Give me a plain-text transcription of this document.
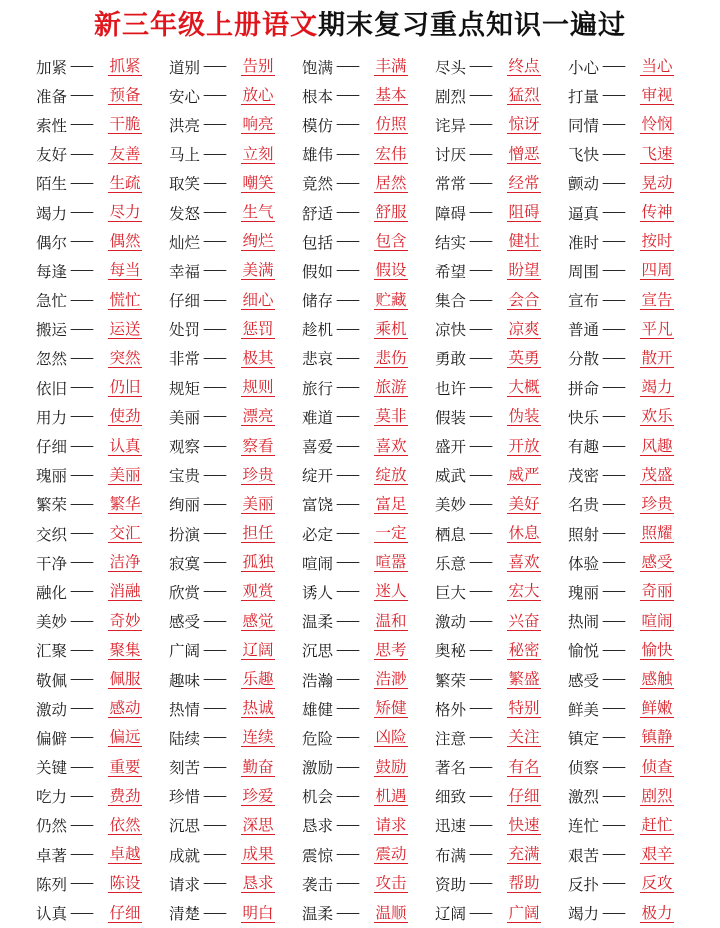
新三年级上册语文 期末复习重点知识一遍过
加紧 ——	抓紧 道别 ——	告别 饱满 ——	丰满 尽头 ——	终点 小心 ——	当心
准备 ——	预备 安心 ——	放心 根本 ——	基本 剧烈 ——	猛烈 打量 ——	审视
索性 ——	干脆 洪亮 ——	响亮 模仿 ——	仿照 诧异 ——	惊讶 同情 ——	怜悯
友好 ——	友善 马上 ——	立刻 雄伟 ——	宏伟 讨厌 ——	憎恶 飞快 ——	飞速
陌生 ——	生疏 取笑 ——	嘲笑 竟然 ——	居然 常常 ——	经常 颤动 ——	晃动
竭力 ——	尽力 发怒 ——	生气 舒适 ——	舒服 障碍 ——	阻碍 逼真 ——	传神
偶尔 ——	偶然 灿烂 ——	绚烂 包括 ——	包含 结实 ——	健壮 准时 ——	按时
每逢 ——	每当 幸福 ——	美满 假如 ——	假设 希望 ——	盼望 周围 ——	四周
急忙 ——	慌忙 仔细 ——	细心 储存 ——	贮藏 集合 ——	会合 宣布 ——	宣告
搬运 ——	运送 处罚 ——	惩罚 趁机 ——	乘机 凉快 ——	凉爽 普通 ——	平凡
忽然 ——	突然 非常 ——	极其 悲哀 ——	悲伤 勇敢 ——	英勇 分散 ——	散开
依旧 ——	仍旧 规矩 ——	规则 旅行 ——	旅游 也许 ——	大概 拼命 ——	竭力
用力 ——	使劲 美丽 ——	漂亮 难道 ——	莫非 假装 ——	伪装 快乐 ——	欢乐
仔细 ——	认真 观察 ——	察看 喜爱 ——	喜欢 盛开 ——	开放 有趣 ——	风趣
瑰丽 ——	美丽 宝贵 ——	珍贵 绽开 ——	绽放 威武 ——	威严 茂密 ——	茂盛
繁荣 ——	繁华 绚丽 ——	美丽 富饶 ——	富足 美妙 ——	美好 名贵 ——	珍贵
交织 ——	交汇 扮演 ——	担任 必定 ——	一定 栖息 ——	休息 照射 ——	照耀
干净 ——	洁净 寂寞 ——	孤独 喧闹 ——	喧嚣 乐意 ——	喜欢 体验 ——	感受
融化 ——	消融 欣赏 ——	观赏 诱人 ——	迷人 巨大 ——	宏大 瑰丽 ——	奇丽
美妙 ——	奇妙 感受 ——	感觉 温柔 ——	温和 激动 ——	兴奋 热闹 ——	喧闹
汇聚 ——	聚集 广阔 ——	辽阔 沉思 ——	思考 奥秘 ——	秘密 愉悦 ——	愉快
敬佩 ——	佩服 趣味 ——	乐趣 浩瀚 ——	浩渺 繁荣 ——	繁盛 感受 ——	感触
激动 ——	感动 热情 ——	热诚 雄健 ——	矫健 格外 ——	特别 鲜美 ——	鲜嫩
偏僻 ——	偏远 陆续 ——	连续 危险 ——	凶险 注意 ——	关注 镇定 ——	镇静
关键 ——	重要 刻苦 ——	勤奋 激励 ——	鼓励 著名 ——	有名 侦察 ——	侦查
吃力 ——	费劲 珍惜 ——	珍爱 机会 ——	机遇 细致 ——	仔细 激烈 ——	剧烈
仍然 ——	依然 沉思 ——	深思 恳求 ——	请求 迅速 ——	快速 连忙 ——	赶忙
卓著 ——	卓越 成就 ——	成果 震惊 ——	震动 布满 ——	充满 艰苦 ——	艰辛
陈列 ——	陈设 请求 ——	恳求 袭击 ——	攻击 资助 ——	帮助 反扑 ——	反攻
认真 ——	仔细 清楚 ——	明白 温柔 ——	温顺 辽阔 ——	广阔 竭力 ——	极力
